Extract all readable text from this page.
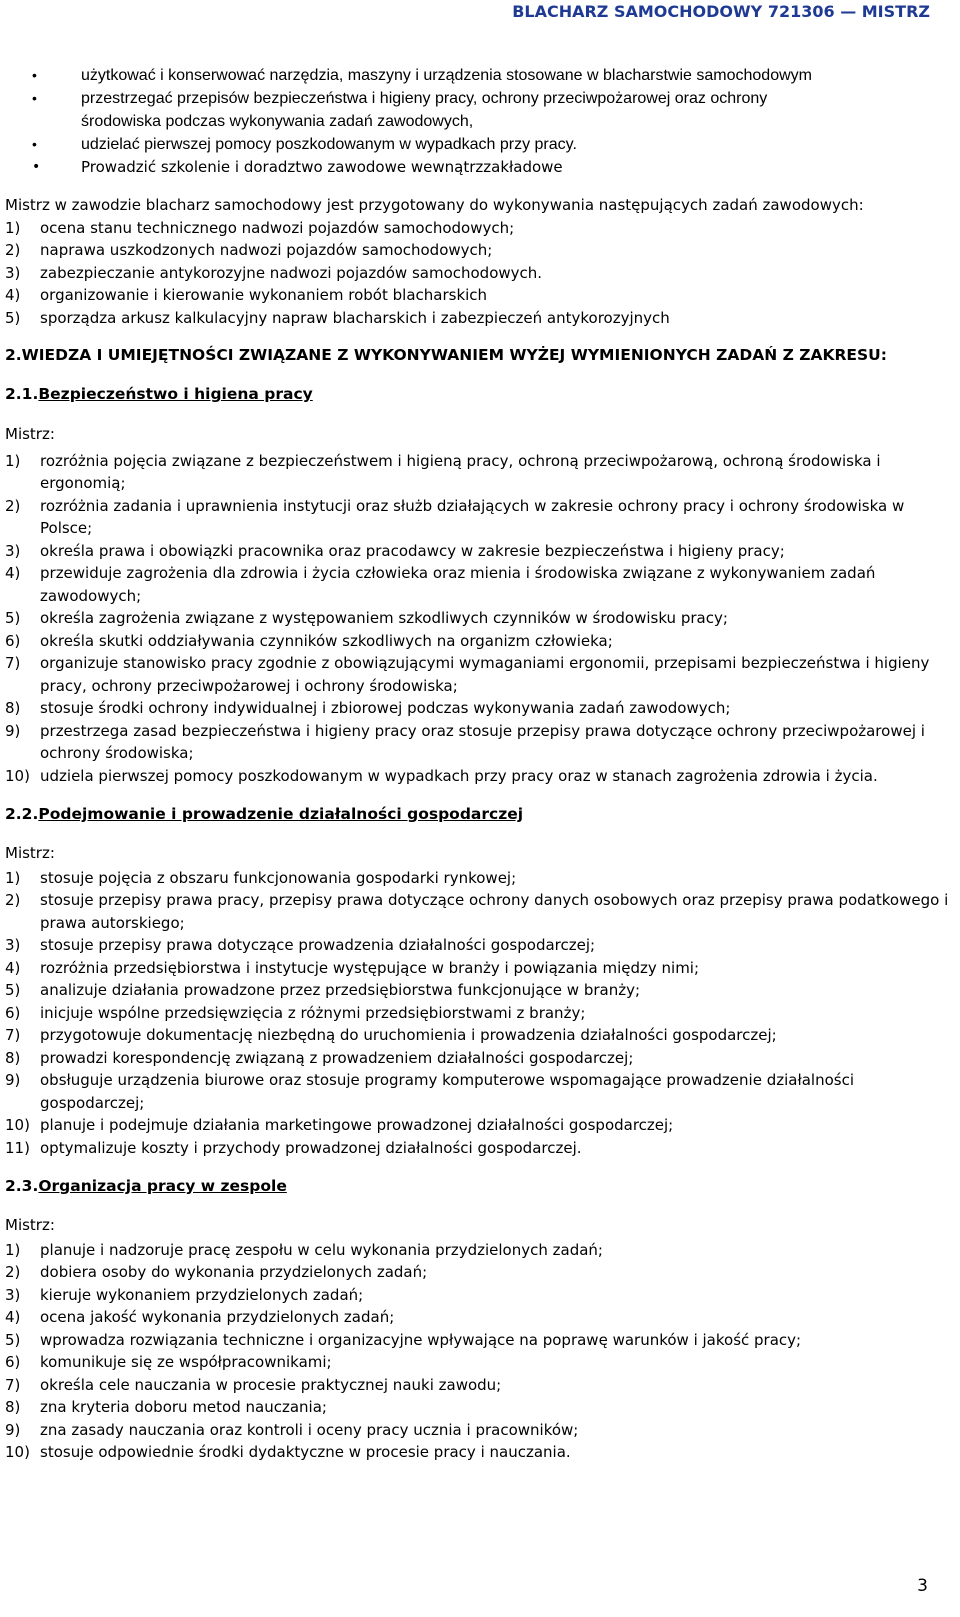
BLACHARZ SAMOCHODOWY 721306 — MISTRZ
• użytkować i konserwować narzędzia, maszyny i urządzenia stosowane w blacharstwie samochodowym
• przestrzegać przepisów bezpieczeństwa i higieny pracy, ochrony przeciwpożarowej oraz ochrony
środowiska podczas wykonywania zadań zawodowych,
• udzielać pierwszej pomocy poszkodowanym w wypadkach przy pracy.
• Prowadzić szkolenie i doradztwo zawodowe wewnątrzzakładowe

Mistrz w zawodzie blacharz samochodowy jest przygotowany do wykonywania następujących zadań zawodowych:

1) ocena stanu technicznego nadwozi pojazdów samochodowych;
2) naprawa uszkodzonych nadwozi pojazdów samochodowych;
3) zabezpieczanie antykorozyjne nadwozi pojazdów samochodowych.
4) organizowanie i kierowanie wykonaniem robót blacharskich
5) sporządza arkusz kalkulacyjny napraw blacharskich i zabezpieczeń antykorozyjnych

2.WIEDZA I UMIEJĘTNOŚCI ZWIĄZANE Z WYKONYWANIEM WYŻEJ WYMIENIONYCH ZADAŃ Z ZAKRESU:

2.1.Bezpieczeństwo i higiena pracy

Mistrz:

1) rozróżnia pojęcia związane z bezpieczeństwem i higieną pracy, ochroną przeciwpożarową, ochroną środowiska i ergonomią;
2) rozróżnia zadania i uprawnienia instytucji oraz służb działających w zakresie ochrony pracy i ochrony środowiska w Polsce;
3) określa prawa i obowiązki pracownika oraz pracodawcy w zakresie bezpieczeństwa i higieny pracy;
4) przewiduje zagrożenia dla zdrowia i życia człowieka oraz mienia i środowiska związane z wykonywaniem zadań zawodowych;
5) określa zagrożenia związane z występowaniem szkodliwych czynników w środowisku pracy;
6) określa skutki oddziaływania czynników szkodliwych na organizm człowieka;
7) organizuje stanowisko pracy zgodnie z obowiązującymi wymaganiami ergonomii, przepisami bezpieczeństwa i higieny pracy, ochrony przeciwpożarowej i ochrony środowiska;
8) stosuje środki ochrony indywidualnej i zbiorowej podczas wykonywania zadań zawodowych;
9) przestrzega zasad bezpieczeństwa i higieny pracy oraz stosuje przepisy prawa dotyczące ochrony przeciwpożarowej i ochrony środowiska;
10) udziela pierwszej pomocy poszkodowanym w wypadkach przy pracy oraz w stanach zagrożenia zdrowia i życia.

2.2.Podejmowanie i prowadzenie działalności gospodarczej

Mistrz:

1) stosuje pojęcia z obszaru funkcjonowania gospodarki rynkowej;
2) stosuje przepisy prawa pracy, przepisy prawa dotyczące ochrony danych osobowych oraz przepisy prawa podatkowego i prawa autorskiego;
3) stosuje przepisy prawa dotyczące prowadzenia działalności gospodarczej;
4) rozróżnia przedsiębiorstwa i instytucje występujące w branży i powiązania między nimi;
5) analizuje działania prowadzone przez przedsiębiorstwa funkcjonujące w branży;
6) inicjuje wspólne przedsięwzięcia z różnymi przedsiębiorstwami z branży;
7) przygotowuje dokumentację niezbędną do uruchomienia i prowadzenia działalności gospodarczej;
8) prowadzi korespondencję związaną z prowadzeniem działalności gospodarczej;
9) obsługuje urządzenia biurowe oraz stosuje programy komputerowe wspomagające prowadzenie działalności gospodarczej;
10) planuje i podejmuje działania marketingowe prowadzonej działalności gospodarczej;
11) optymalizuje koszty i przychody prowadzonej działalności gospodarczej.

2.3.Organizacja pracy w zespole

Mistrz:

1) planuje i nadzoruje pracę zespołu w celu wykonania przydzielonych zadań;
2) dobiera osoby do wykonania przydzielonych zadań;
3) kieruje wykonaniem przydzielonych zadań;
4) ocena jakość wykonania przydzielonych zadań;
5) wprowadza rozwiązania techniczne i organizacyjne wpływające na poprawę warunków i jakość pracy;
6) komunikuje się ze współpracownikami;
7) określa cele nauczania w procesie praktycznej nauki zawodu;
8) zna kryteria doboru metod nauczania;
9) zna zasady nauczania oraz kontroli i oceny pracy ucznia i pracowników;
10) stosuje odpowiednie środki dydaktyczne w procesie pracy i nauczania.
3
